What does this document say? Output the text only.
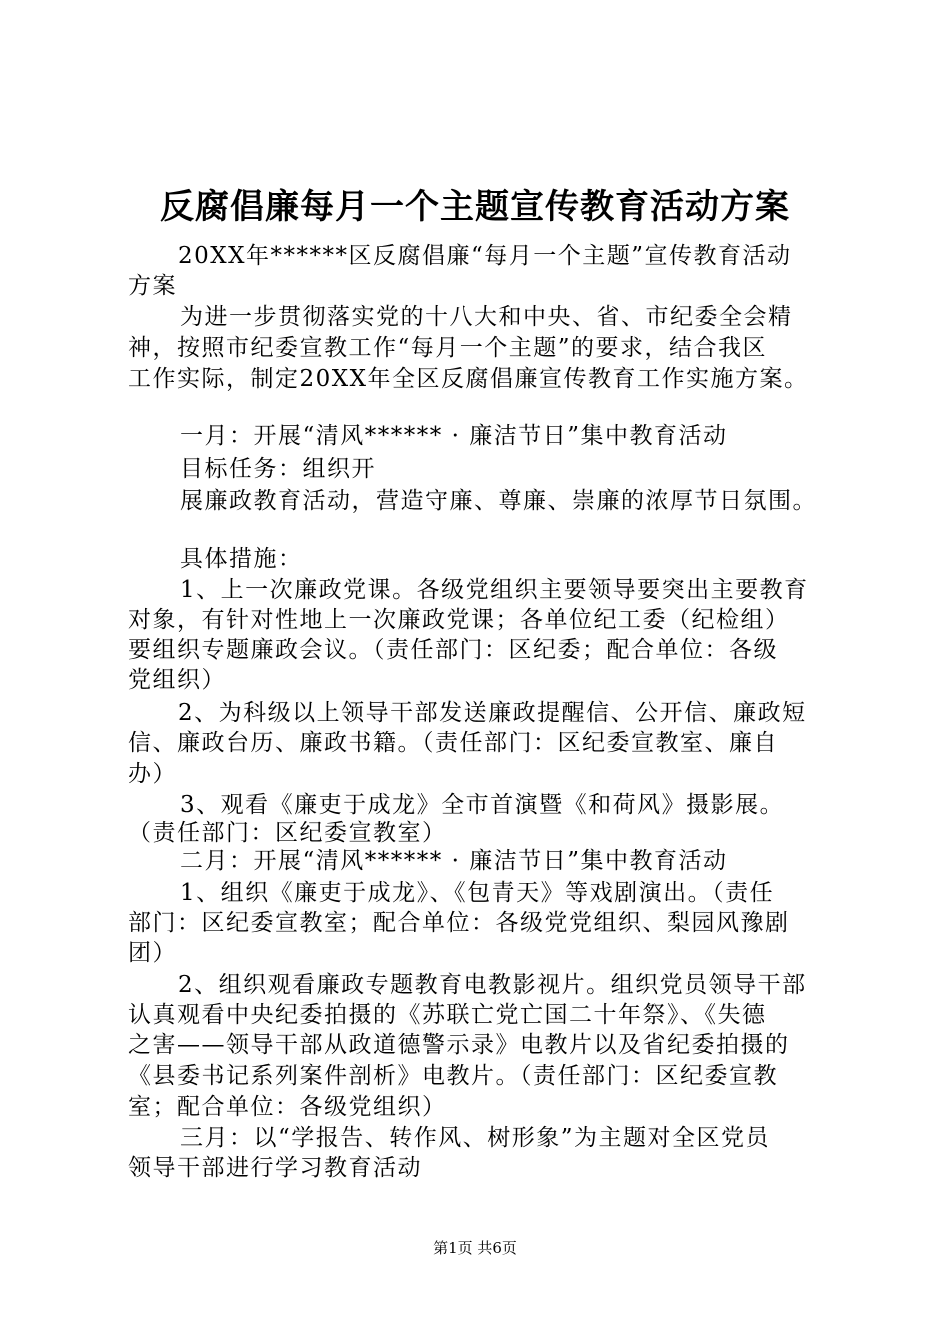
反腐倡廉每月一个主题宣传教育活动方案
20XX年******区反腐倡廉“每月一个主题”宣传教育活动
方案
为进一步贯彻落实党的十八大和中央、省、市纪委全会精
神，按照市纪委宣教工作“每月一个主题”的要求，结合我区
工作实际，制定20XX年全区反腐倡廉宣传教育工作实施方案。
一月：开展“清风****** · 廉洁节日”集中教育活动
目标任务：组织开
展廉政教育活动，营造守廉、尊廉、崇廉的浓厚节日氛围。
具体措施：
1、上一次廉政党课。各级党组织主要领导要突出主要教育
对象，有针对性地上一次廉政党课；各单位纪工委（纪检组）
要组织专题廉政会议。（责任部门：区纪委；配合单位：各级
党组织）
2、为科级以上领导干部发送廉政提醒信、公开信、廉政短
信、廉政台历、廉政书籍。（责任部门：区纪委宣教室、廉自
办）
3、观看《廉吏于成龙》全市首演暨《和荷风》摄影展。
（责任部门：区纪委宣教室）
二月：开展“清风****** · 廉洁节日”集中教育活动
1、组织《廉吏于成龙》、《包青天》等戏剧演出。（责任
部门：区纪委宣教室；配合单位：各级党党组织、梨园风豫剧
团）
2、组织观看廉政专题教育电教影视片。组织党员领导干部
认真观看中央纪委拍摄的《苏联亡党亡国二十年祭》、《失德
之害——领导干部从政道德警示录》电教片以及省纪委拍摄的
《县委书记系列案件剖析》电教片。（责任部门：区纪委宣教
室；配合单位：各级党组织）
三月：以“学报告、转作风、树形象”为主题对全区党员
领导干部进行学习教育活动
第1页 共6页
